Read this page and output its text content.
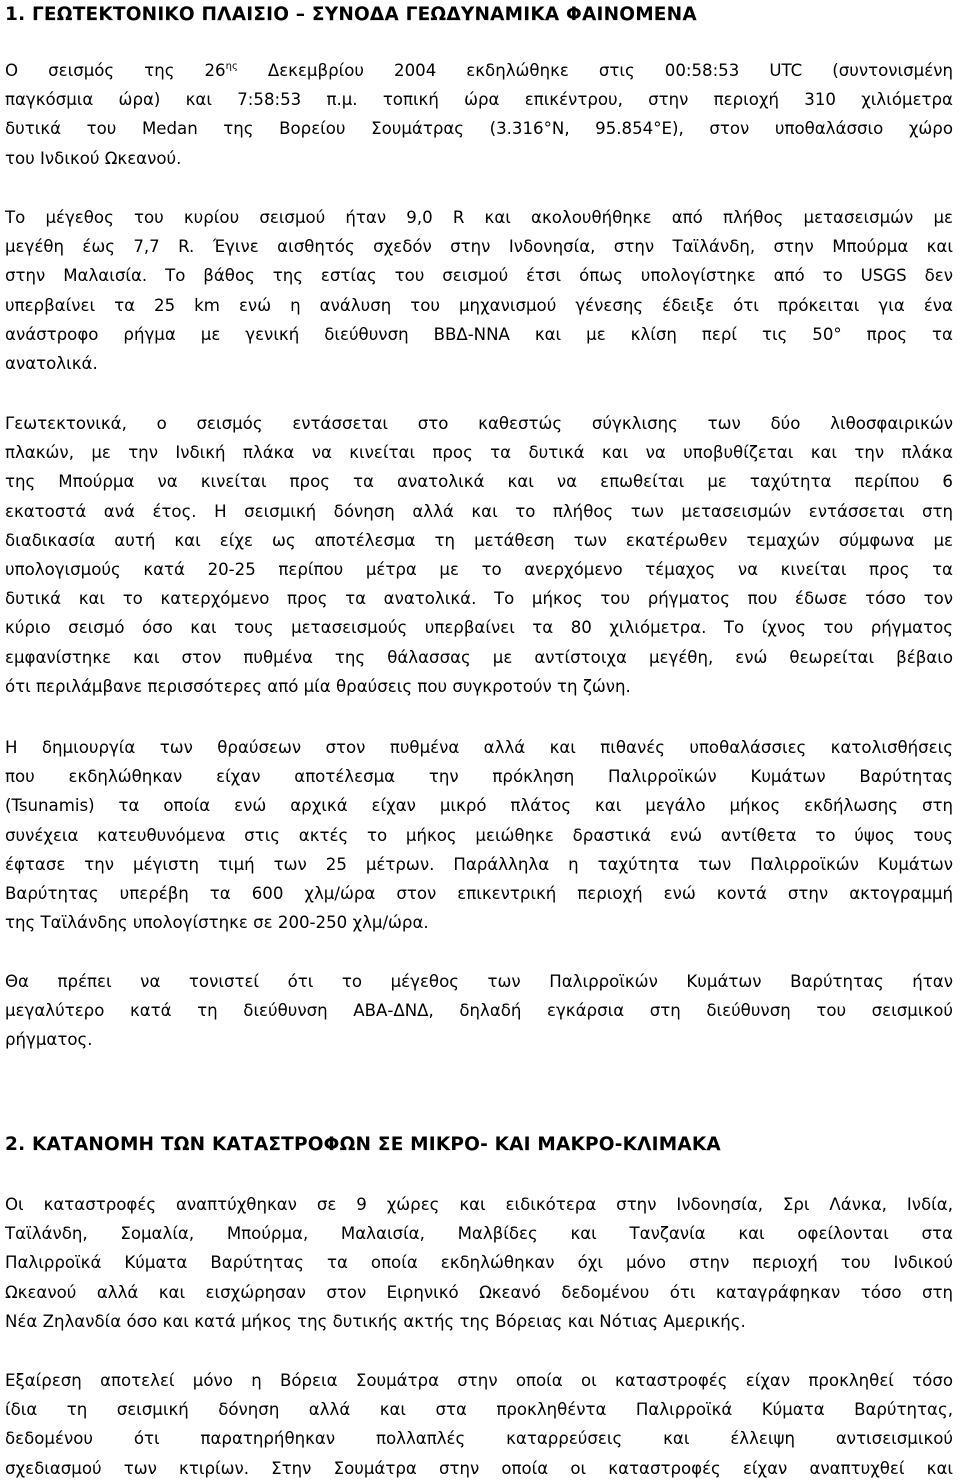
1. ΓΕΩΤΕΚΤΟΝΙΚΟ ΠΛΑΙΣΙΟ – ΣΥΝΟΔΑ ΓΕΩΔΥΝΑΜΙΚΑ ΦΑΙΝΟΜΕΝΑ

Ο σεισμός της $26^{\eta\varsigma}$ Δεκεμβρίου 2004 εκδηλώθηκε στις 00:58:53 UTC (συντονισμένη
παγκόσμια ώρα) και 7:58:53 π.μ. τοπική ώρα επικέντρου, στην περιοχή 310 χιλιόμετρα
δυτικά του Medan της Βορείου Σουμάτρας (3.316°N, 95.854°E), στον υποθαλάσσιο χώρο
του Ινδικού Ωκεανού.

Το μέγεθος του κυρίου σεισμού ήταν 9,0 R και ακολουθήθηκε από πλήθος μετασεισμών με
μεγέθη έως 7,7 R. Έγινε αισθητός σχεδόν στην Ινδονησία, στην Ταϊλάνδη, στην Μπούρμα και
στην Μαλαισία. Το βάθος της εστίας του σεισμού έτσι όπως υπολογίστηκε από το USGS δεν
υπερβαίνει τα 25 km ενώ η ανάλυση του μηχανισμού γένεσης έδειξε ότι πρόκειται για ένα
ανάστροφο ρήγμα με γενική διεύθυνση ΒΒΔ-ΝΝΑ και με κλίση περί τις 50° προς τα
ανατολικά.

Γεωτεκτονικά, ο σεισμός εντάσσεται στο καθεστώς σύγκλισης των δύο λιθοσφαιρικών
πλακών, με την Ινδική πλάκα να κινείται προς τα δυτικά και να υποβυθίζεται και την πλάκα
της Μπούρμα να κινείται προς τα ανατολικά και να επωθείται με ταχύτητα περίπου 6
εκατοστά ανά έτος. Η σεισμική δόνηση αλλά και το πλήθος των μετασεισμών εντάσσεται στη
διαδικασία αυτή και είχε ως αποτέλεσμα τη μετάθεση των εκατέρωθεν τεμαχών σύμφωνα με
υπολογισμούς κατά 20-25 περίπου μέτρα με το ανερχόμενο τέμαχος να κινείται προς τα
δυτικά και το κατερχόμενο προς τα ανατολικά. Το μήκος του ρήγματος που έδωσε τόσο τον
κύριο σεισμό όσο και τους μετασεισμούς υπερβαίνει τα 80 χιλιόμετρα. Το ίχνος του ρήγματος
εμφανίστηκε και στον πυθμένα της θάλασσας με αντίστοιχα μεγέθη, ενώ θεωρείται βέβαιο
ότι περιλάμβανε περισσότερες από μία θραύσεις που συγκροτούν τη ζώνη.

Η δημιουργία των θραύσεων στον πυθμένα αλλά και πιθανές υποθαλάσσιες κατολισθήσεις
που εκδηλώθηκαν είχαν αποτέλεσμα την πρόκληση Παλιρροϊκών Κυμάτων Βαρύτητας
(Tsunamis) τα οποία ενώ αρχικά είχαν μικρό πλάτος και μεγάλο μήκος εκδήλωσης στη
συνέχεια κατευθυνόμενα στις ακτές το μήκος μειώθηκε δραστικά ενώ αντίθετα το ύψος τους
έφτασε την μέγιστη τιμή των 25 μέτρων. Παράλληλα η ταχύτητα των Παλιρροϊκών Κυμάτων
Βαρύτητας υπερέβη τα 600 χλμ/ώρα στον επικεντρική περιοχή ενώ κοντά στην ακτογραμμή
της Ταϊλάνδης υπολογίστηκε σε 200-250 χλμ/ώρα.

Θα πρέπει να τονιστεί ότι το μέγεθος των Παλιρροϊκών Κυμάτων Βαρύτητας ήταν
μεγαλύτερο κατά τη διεύθυνση ΑΒΑ-ΔΝΔ, δηλαδή εγκάρσια στη διεύθυνση του σεισμικού
ρήγματος.

2. ΚΑΤΑΝΟΜΗ ΤΩΝ ΚΑΤΑΣΤΡΟΦΩΝ ΣΕ ΜΙΚΡΟ- ΚΑΙ ΜΑΚΡΟ-ΚΛΙΜΑΚΑ

Οι καταστροφές αναπτύχθηκαν σε 9 χώρες και ειδικότερα στην Ινδονησία, Σρι Λάνκα, Ινδία,
Ταϊλάνδη, Σομαλία, Μπούρμα, Μαλαισία, Μαλβίδες και Τανζανία και οφείλονται στα
Παλιρροϊκά Κύματα Βαρύτητας τα οποία εκδηλώθηκαν όχι μόνο στην περιοχή του Ινδικού
Ωκεανού αλλά και εισχώρησαν στον Ειρηνικό Ωκεανό δεδομένου ότι καταγράφηκαν τόσο στη
Νέα Ζηλανδία όσο και κατά μήκος της δυτικής ακτής της Βόρειας και Νότιας Αμερικής.

Εξαίρεση αποτελεί μόνο η Βόρεια Σουμάτρα στην οποία οι καταστροφές είχαν προκληθεί τόσο
ίδια τη σεισμική δόνηση αλλά και στα προκληθέντα Παλιρροϊκά Κύματα Βαρύτητας,
δεδομένου ότι παρατηρήθηκαν πολλαπλές καταρρεύσεις και έλλειψη αντισεισμικού
σχεδιασμού των κτιρίων. Στην Σουμάτρα στην οποία οι καταστροφές είχαν αναπτυχθεί και
